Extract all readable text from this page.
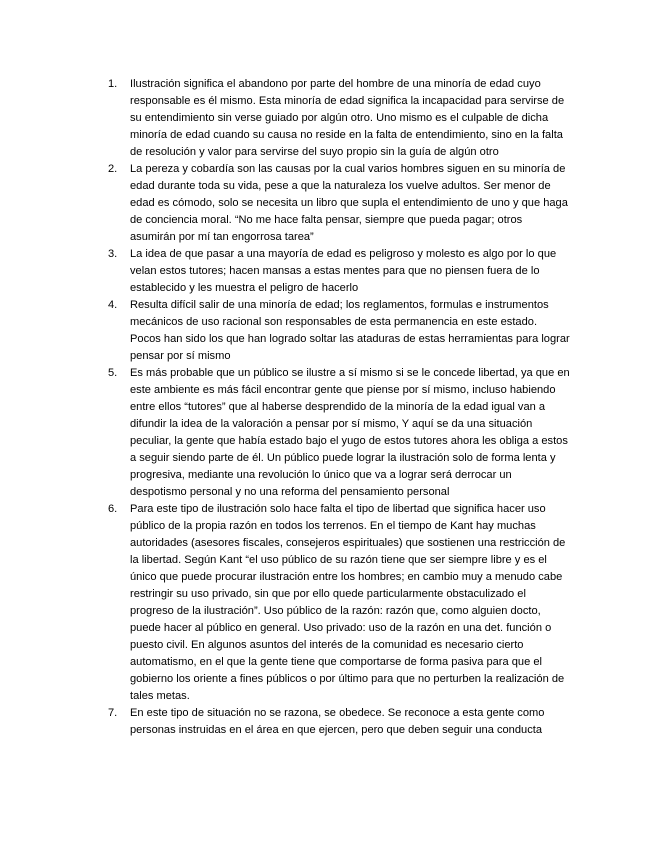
1. Ilustración significa el abandono por parte del hombre de una minoría de edad cuyo responsable es él mismo. Esta minoría de edad significa la incapacidad para servirse de su entendimiento sin verse guiado por algún otro. Uno mismo es el culpable de dicha minoría de edad cuando su causa no reside en la falta de entendimiento, sino en la falta de resolución y valor para servirse del suyo propio sin la guía de algún otro
2. La pereza y cobardía son las causas por la cual varios hombres siguen en su minoría de edad durante toda su vida, pese a que la naturaleza los vuelve adultos. Ser menor de edad es cómodo, solo se necesita un libro que supla el entendimiento de uno y que haga de conciencia moral. “No me hace falta pensar, siempre que pueda pagar; otros asumirán por mí tan engorrosa tarea”
3. La idea de que pasar a una mayoría de edad es peligroso y molesto es algo por lo que velan estos tutores; hacen mansas a estas mentes para que no piensen fuera de lo establecido y les muestra el peligro de hacerlo
4. Resulta difícil salir de una minoría de edad; los reglamentos, formulas e instrumentos mecánicos de uso racional son responsables de esta permanencia en este estado. Pocos han sido los que han logrado soltar las ataduras de estas herramientas para lograr pensar por sí mismo
5. Es más probable que un público se ilustre a sí mismo si se le concede libertad, ya que en este ambiente es más fácil encontrar gente que piense por sí mismo, incluso habiendo entre ellos “tutores” que al haberse desprendido de la minoría de la edad igual van a difundir la idea de la valoración a pensar por sí mismo, Y aquí se da una situación peculiar, la gente que había estado bajo el yugo de estos tutores ahora les obliga a estos a seguir siendo parte de él. Un público puede lograr la ilustración solo de forma lenta y progresiva, mediante una revolución lo único que va a lograr será derrocar un despotismo personal y no una reforma del pensamiento personal
6. Para este tipo de ilustración solo hace falta el tipo de libertad que significa hacer uso público de la propia razón en todos los terrenos. En el tiempo de Kant hay muchas autoridades (asesores fiscales, consejeros espirituales) que sostienen una restricción de la libertad. Según Kant “el uso público de su razón tiene que ser siempre libre y es el único que puede procurar ilustración entre los hombres; en cambio muy a menudo cabe restringir su uso privado, sin que por ello quede particularmente obstaculizado el progreso de la ilustración”. Uso público de la razón: razón que, como alguien docto, puede hacer al público en general. Uso privado: uso de la razón en una det. función o puesto civil. En algunos asuntos del interés de la comunidad es necesario cierto automatismo, en el que la gente tiene que comportarse de forma pasiva para que el gobierno los oriente a fines públicos o por último para que no perturben la realización de tales metas.
7. En este tipo de situación no se razona, se obedece. Se reconoce a esta gente como personas instruidas en el área en que ejercen, pero que deben seguir una conducta
